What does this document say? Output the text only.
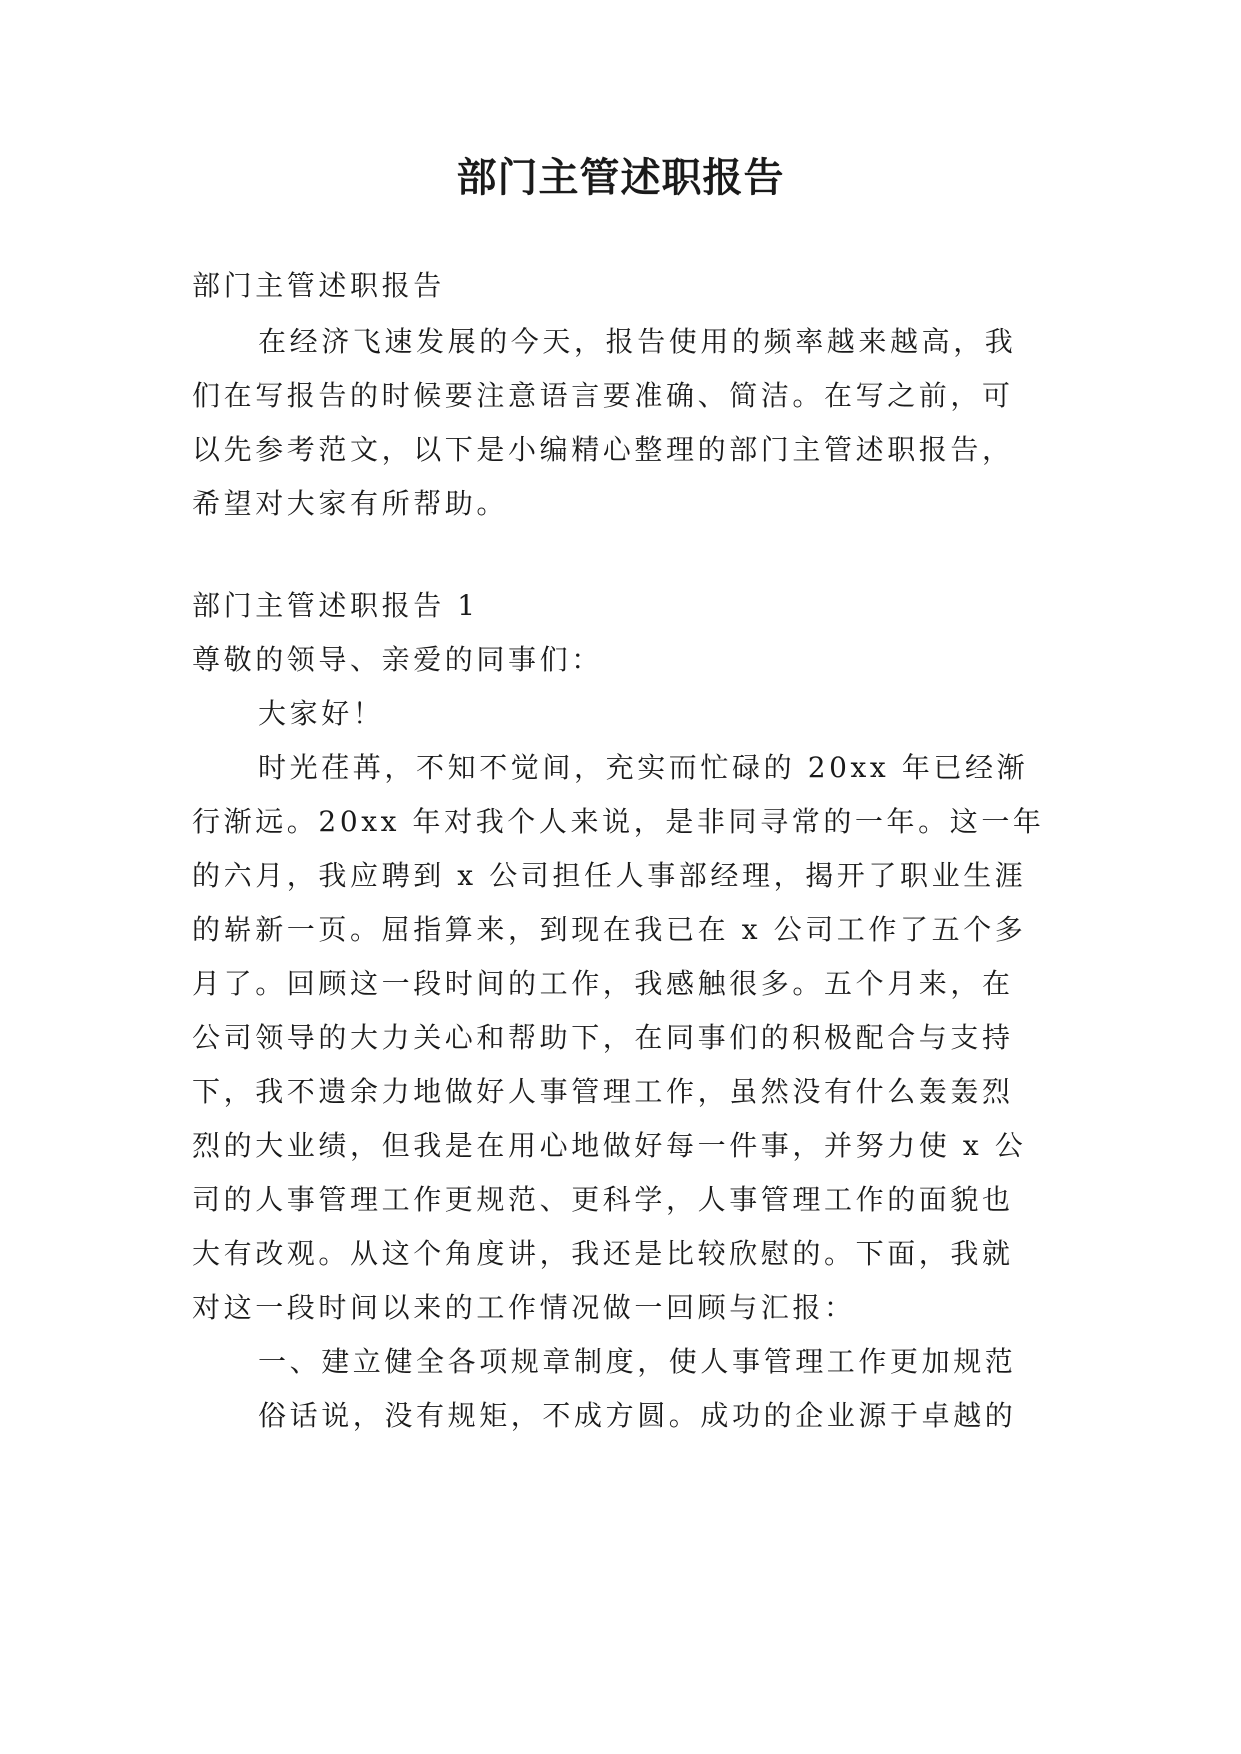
部门主管述职报告
部门主管述职报告
在经济飞速发展的今天，报告使用的频率越来越高，我
们在写报告的时候要注意语言要准确、简洁。在写之前，可
以先参考范文，以下是小编精心整理的部门主管述职报告，
希望对大家有所帮助。
部门主管述职报告 1
尊敬的领导、亲爱的同事们：
大家好！
时光荏苒，不知不觉间，充实而忙碌的 20xx 年已经渐
行渐远。20xx 年对我个人来说，是非同寻常的一年。这一年
的六月，我应聘到 x 公司担任人事部经理，揭开了职业生涯
的崭新一页。屈指算来，到现在我已在 x 公司工作了五个多
月了。回顾这一段时间的工作，我感触很多。五个月来，在
公司领导的大力关心和帮助下，在同事们的积极配合与支持
下，我不遗余力地做好人事管理工作，虽然没有什么轰轰烈
烈的大业绩，但我是在用心地做好每一件事，并努力使 x 公
司的人事管理工作更规范、更科学，人事管理工作的面貌也
大有改观。从这个角度讲，我还是比较欣慰的。下面，我就
对这一段时间以来的工作情况做一回顾与汇报：
一、建立健全各项规章制度，使人事管理工作更加规范
俗话说，没有规矩，不成方圆。成功的企业源于卓越的
